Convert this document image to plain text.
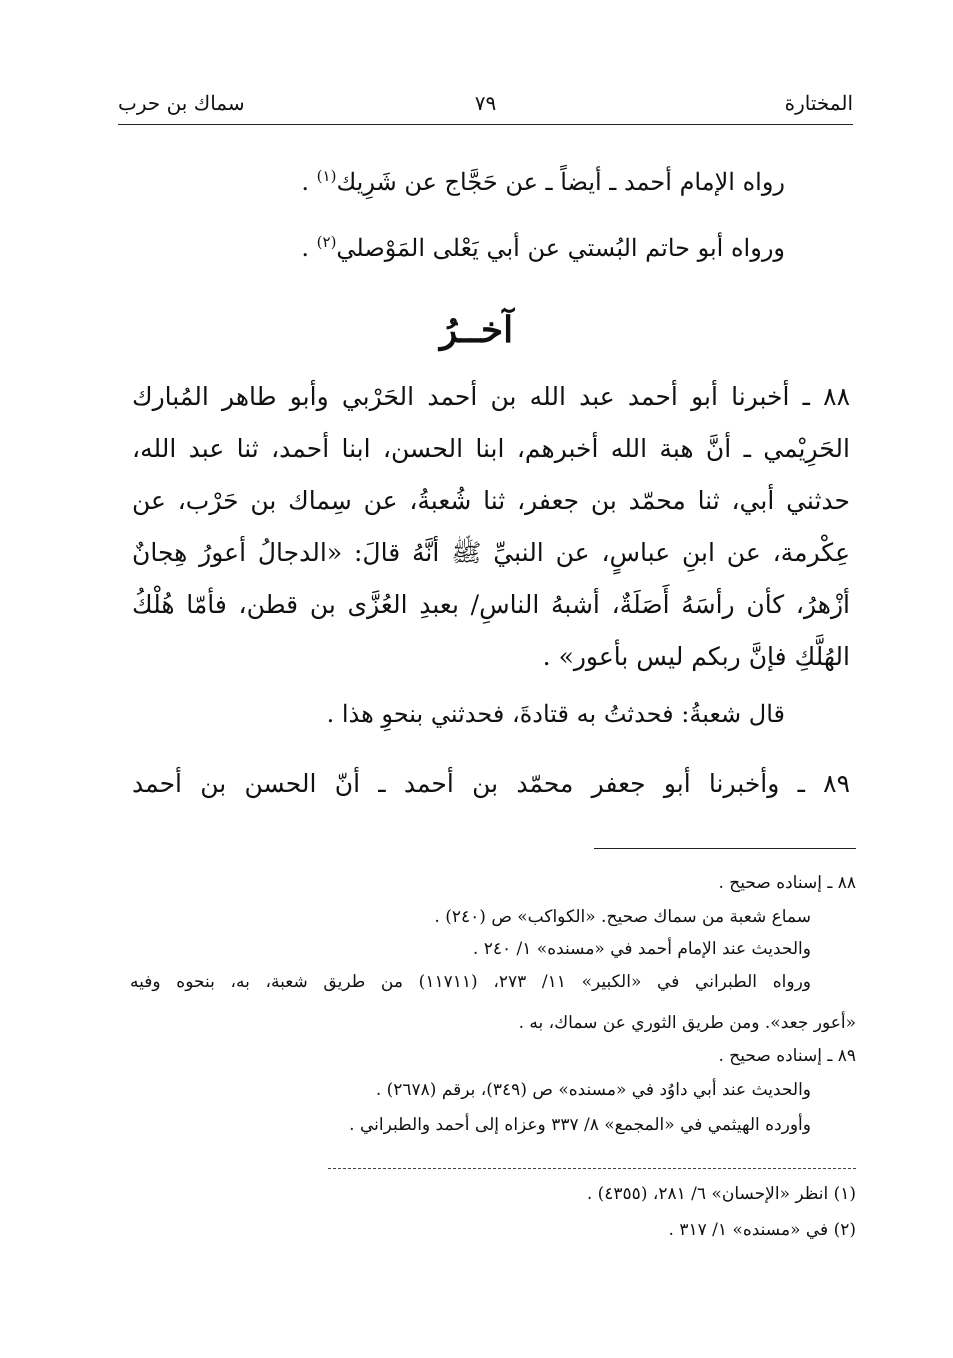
المختارة
٧٩
سماك بن حرب
رواه الإمام أحمد ـ أيضاً ـ عن حَجَّاج عن شَرِيك$^{(١)}$ .
ورواه أبو حاتم البُستي عن أبي يَعْلى المَوْصلي$^{(٢)}$ .
آخــرُ
٨٨ ـ أخبرنا أبو أحمد عبد الله بن أحمد الحَرْبي وأبو طاهر المُبارك
الحَرِيْمي ـ أنَّ هبة الله أخبرهم، ابنا الحسن، ابنا أحمد، ثنا عبد الله،
حدثني أبي، ثنا محمّد بن جعفر، ثنا شُعبةُ، عن سِماك بن حَرْب، عن
عِكْرمة، عن ابنِ عباسٍ، عن النبيِّ ﷺ أنَّهُ قالَ: «الدجالُ أعورُ هِجانٌ
أزْهرُ، كأن رأسَهُ أَصَلَةٌ، أشبهُ الناسِ/ بعبدِ العُزَّى بن قطن، فأمّا هُلْكُ
الهُلَّكِ فإنَّ ربكم ليس بأعور» .
قال شعبةُ: فحدثتُ به قتادةَ، فحدثني بنحوِ هذا .
٨٩ ـ وأخبرنا أبو جعفر محمّد بن أحمد ـ أنّ الحسن بن أحمد
٨٨ ـ إسناده صحيح .
سماع شعبة من سماك صحيح. «الكواكب» ص (٢٤٠) .
والحديث عند الإمام أحمد في «مسنده» ١/ ٢٤٠ .
ورواه الطبراني في «الكبير» ١١/ ٢٧٣، (١١٧١١) من طريق شعبة، به، بنحوه وفيه
«أعور جعد». ومن طريق الثوري عن سماك، به .
٨٩ ـ إسناده صحيح .
والحديث عند أبي داوُد في «مسنده» ص (٣٤٩)، برقم (٢٦٧٨) .
وأورده الهيثمي في «المجمع» ٨/ ٣٣٧ وعزاه إلى أحمد والطبراني .
(١) انظر «الإحسان» ٦/ ٢٨١، (٤٣٥٥) .
(٢) في «مسنده» ١/ ٣١٧ .
